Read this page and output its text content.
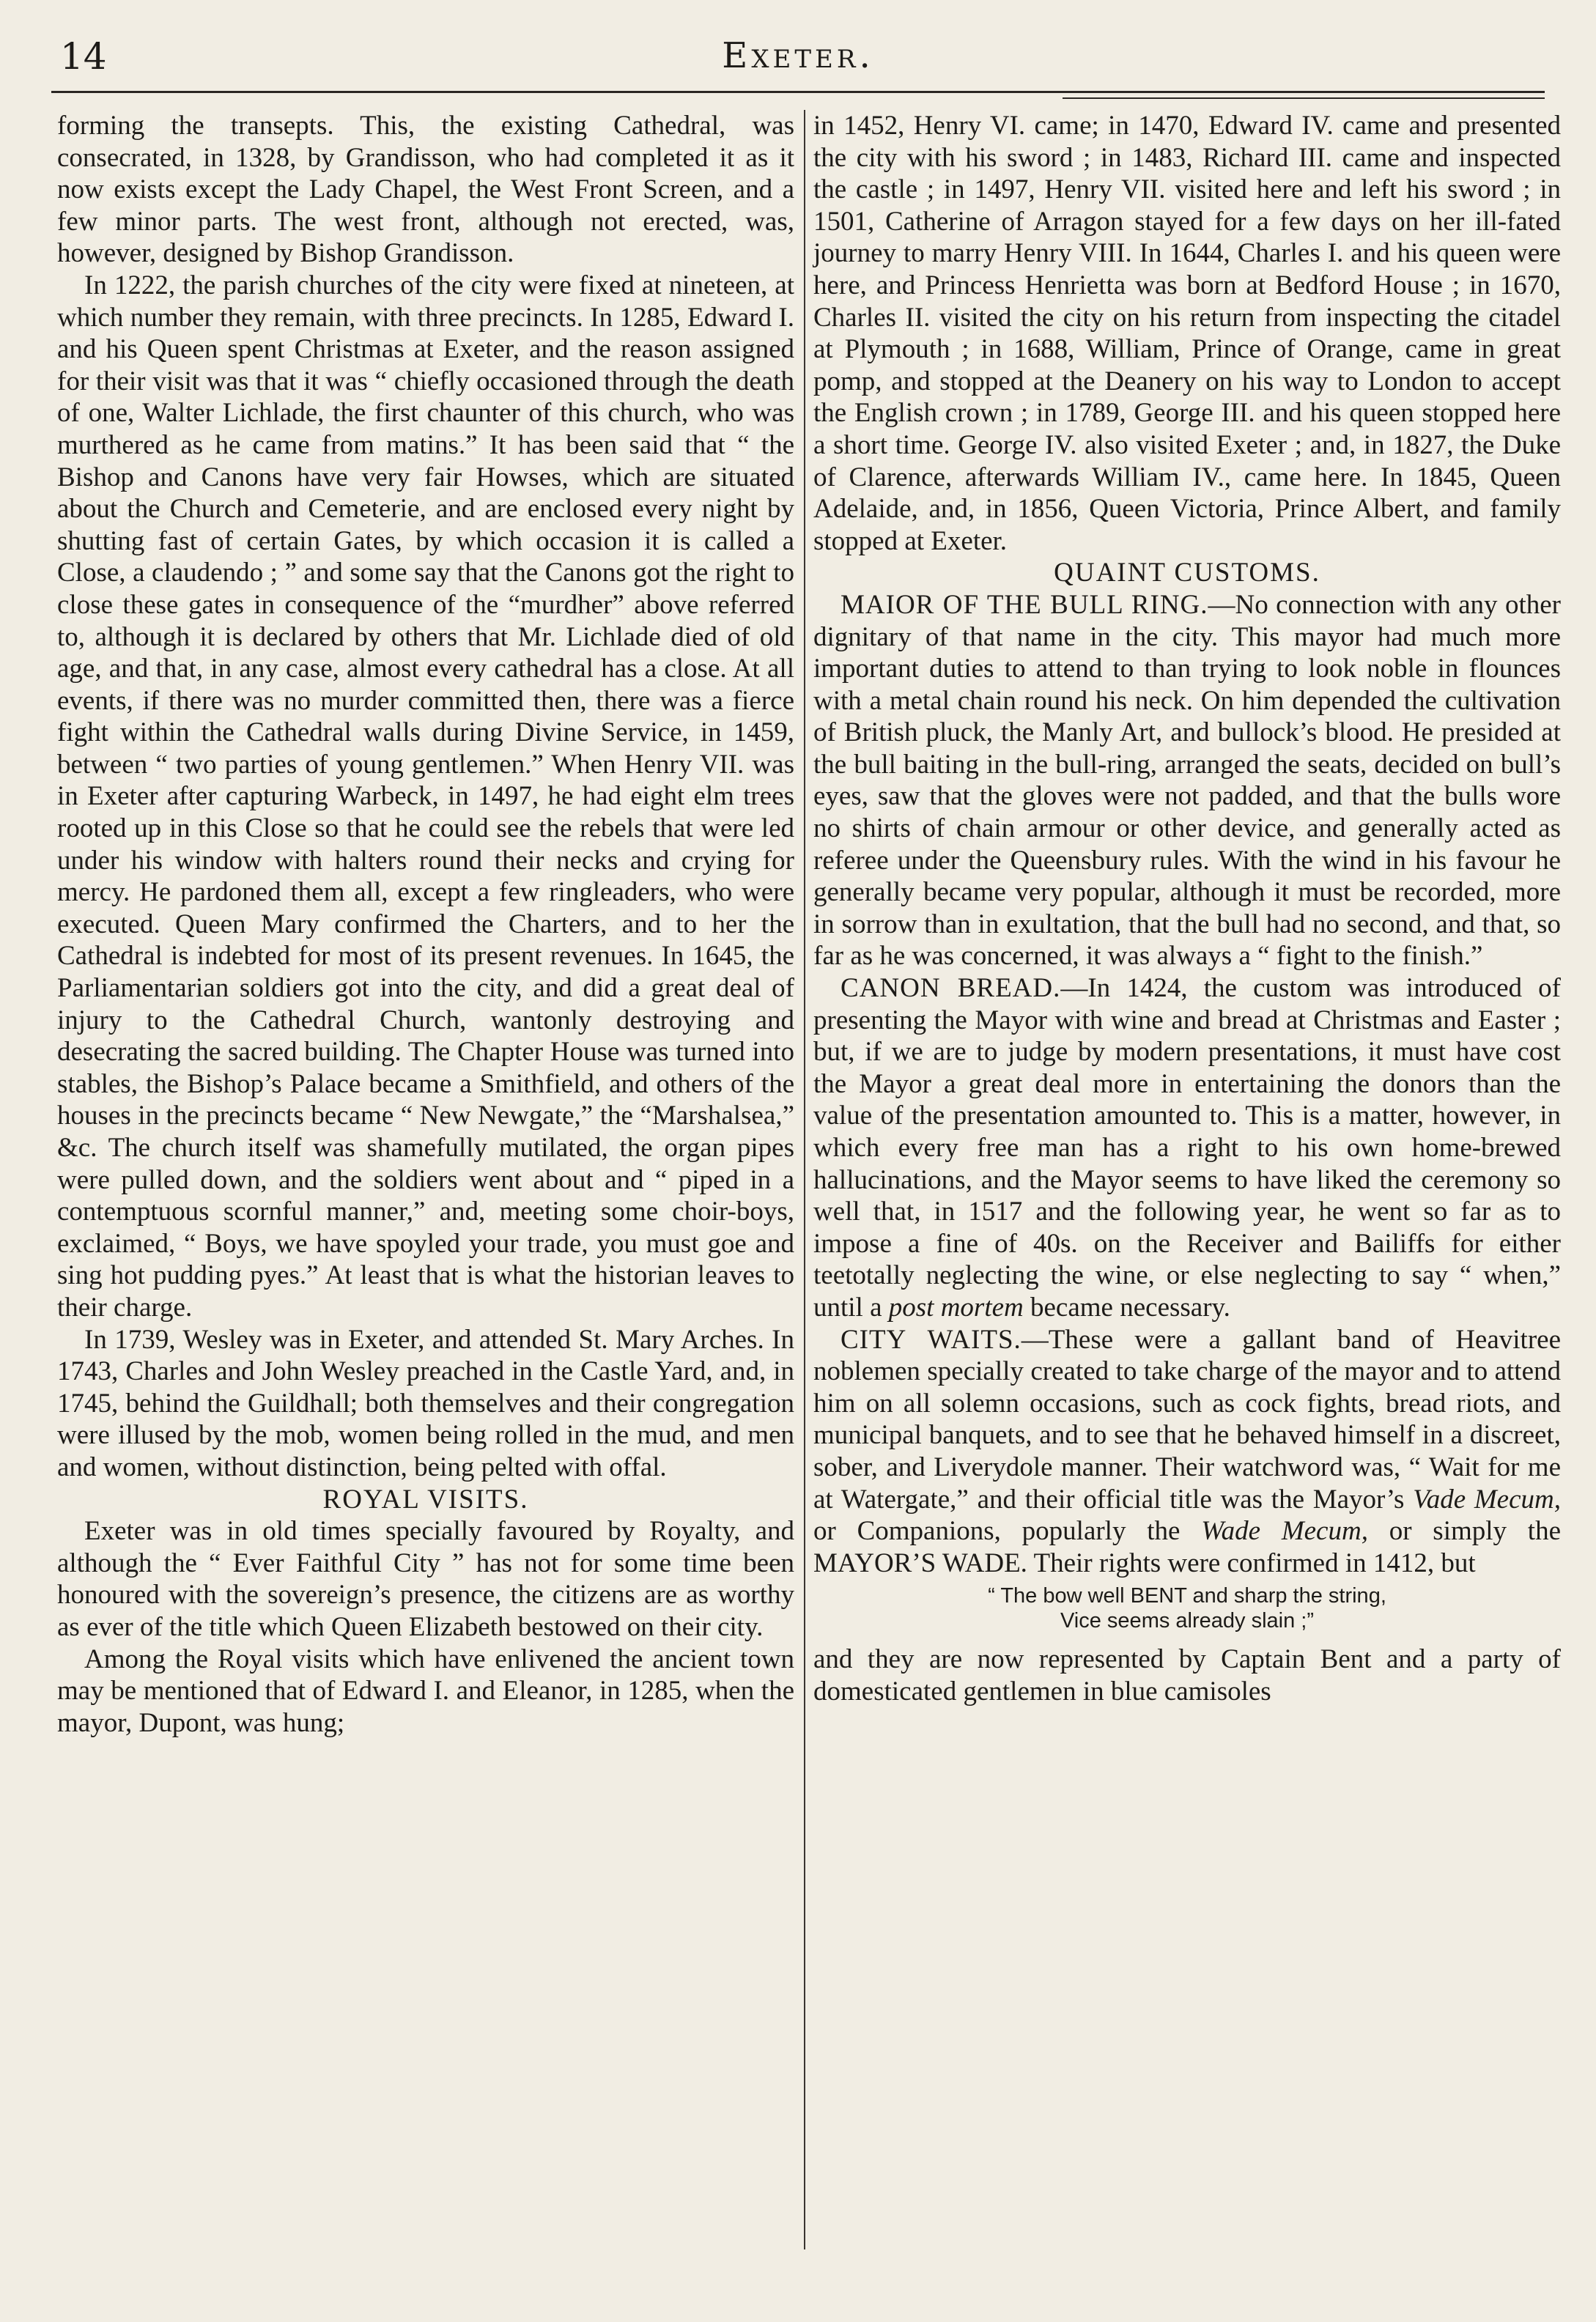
14	Exeter.

forming the transepts. This, the existing Cathedral, was consecrated, in 1328, by Grandisson, who had completed it as it now exists except the Lady Chapel, the West Front Screen, and a few minor parts. The west front, although not erected, was, however, designed by Bishop Grandisson.

In 1222, the parish churches of the city were fixed at nineteen, at which number they remain, with three precincts. In 1285, Edward I. and his Queen spent Christmas at Exeter, and the reason assigned for their visit was that it was “ chiefly occasioned through the death of one, Walter Lichlade, the first chaunter of this church, who was murthered as he came from matins.” It has been said that “ the Bishop and Canons have very fair Howses, which are situated about the Church and Cemeterie, and are enclosed every night by shutting fast of certain Gates, by which occasion it is called a Close, a claudendo ; ” and some say that the Canons got the right to close these gates in consequence of the “murdher” above referred to, although it is declared by others that Mr. Lichlade died of old age, and that, in any case, almost every cathedral has a close. At all events, if there was no murder committed then, there was a fierce fight within the Cathedral walls during Divine Service, in 1459, between “ two parties of young gentlemen.” When Henry VII. was in Exeter after capturing Warbeck, in 1497, he had eight elm trees rooted up in this Close so that he could see the rebels that were led under his window with halters round their necks and crying for mercy. He pardoned them all, except a few ringleaders, who were executed. Queen Mary confirmed the Charters, and to her the Cathedral is indebted for most of its present revenues. In 1645, the Parliamentarian soldiers got into the city, and did a great deal of injury to the Cathedral Church, wantonly destroying and desecrating the sacred building. The Chapter House was turned into stables, the Bishop’s Palace became a Smithfield, and others of the houses in the precincts became “ New Newgate,” the “Marshalsea,” &c. The church itself was shamefully mutilated, the organ pipes were pulled down, and the soldiers went about and “ piped in a contemptuous scornful manner,” and, meeting some choir-boys, exclaimed, “ Boys, we have spoyled your trade, you must goe and sing hot pudding pyes.” At least that is what the historian leaves to their charge.

In 1739, Wesley was in Exeter, and attended St. Mary Arches. In 1743, Charles and John Wesley preached in the Castle Yard, and, in 1745, behind the Guildhall; both themselves and their congregation were illused by the mob, women being rolled in the mud, and men and women, without distinction, being pelted with offal.

ROYAL VISITS.

Exeter was in old times specially favoured by Royalty, and although the “ Ever Faithful City ” has not for some time been honoured with the sovereign’s presence, the citizens are as worthy as ever of the title which Queen Elizabeth bestowed on their city.

Among the Royal visits which have enlivened the ancient town may be mentioned that of Edward I. and Eleanor, in 1285, when the mayor, Dupont, was hung;

in 1452, Henry VI. came; in 1470, Edward IV. came and presented the city with his sword ; in 1483, Richard III. came and inspected the castle ; in 1497, Henry VII. visited here and left his sword ; in 1501, Catherine of Arragon stayed for a few days on her ill-fated journey to marry Henry VIII. In 1644, Charles I. and his queen were here, and Princess Henrietta was born at Bedford House ; in 1670, Charles II. visited the city on his return from inspecting the citadel at Plymouth ; in 1688, William, Prince of Orange, came in great pomp, and stopped at the Deanery on his way to London to accept the English crown ; in 1789, George III. and his queen stopped here a short time. George IV. also visited Exeter ; and, in 1827, the Duke of Clarence, afterwards William IV., came here. In 1845, Queen Adelaide, and, in 1856, Queen Victoria, Prince Albert, and family stopped at Exeter.

QUAINT CUSTOMS.

MAIOR OF THE BULL RING.—No connection with any other dignitary of that name in the city. This mayor had much more important duties to attend to than trying to look noble in flounces with a metal chain round his neck. On him depended the cultivation of British pluck, the Manly Art, and bullock’s blood. He presided at the bull baiting in the bull-ring, arranged the seats, decided on bull’s eyes, saw that the gloves were not padded, and that the bulls wore no shirts of chain armour or other device, and generally acted as referee under the Queensbury rules. With the wind in his favour he generally became very popular, although it must be recorded, more in sorrow than in exultation, that the bull had no second, and that, so far as he was concerned, it was always a “ fight to the finish.”

CANON BREAD.—In 1424, the custom was introduced of presenting the Mayor with wine and bread at Christmas and Easter ; but, if we are to judge by modern presentations, it must have cost the Mayor a great deal more in entertaining the donors than the value of the presentation amounted to. This is a matter, however, in which every free man has a right to his own home-brewed hallucinations, and the Mayor seems to have liked the ceremony so well that, in 1517 and the following year, he went so far as to impose a fine of 40s. on the Receiver and Bailiffs for either teetotally neglecting the wine, or else neglecting to say “ when,” until a post mortem became necessary.

CITY WAITS.—These were a gallant band of Heavitree noblemen specially created to take charge of the mayor and to attend him on all solemn occasions, such as cock fights, bread riots, and municipal banquets, and to see that he behaved himself in a discreet, sober, and Liverydole manner. Their watchword was, “ Wait for me at Watergate,” and their official title was the Mayor’s Vade Mecum, or Companions, popularly the Wade Mecum, or simply the MAYOR’S WADE. Their rights were confirmed in 1412, but

“ The bow well BENT and sharp the string,
Vice seems already slain ;”

and they are now represented by Captain Bent and a party of domesticated gentlemen in blue camisoles
